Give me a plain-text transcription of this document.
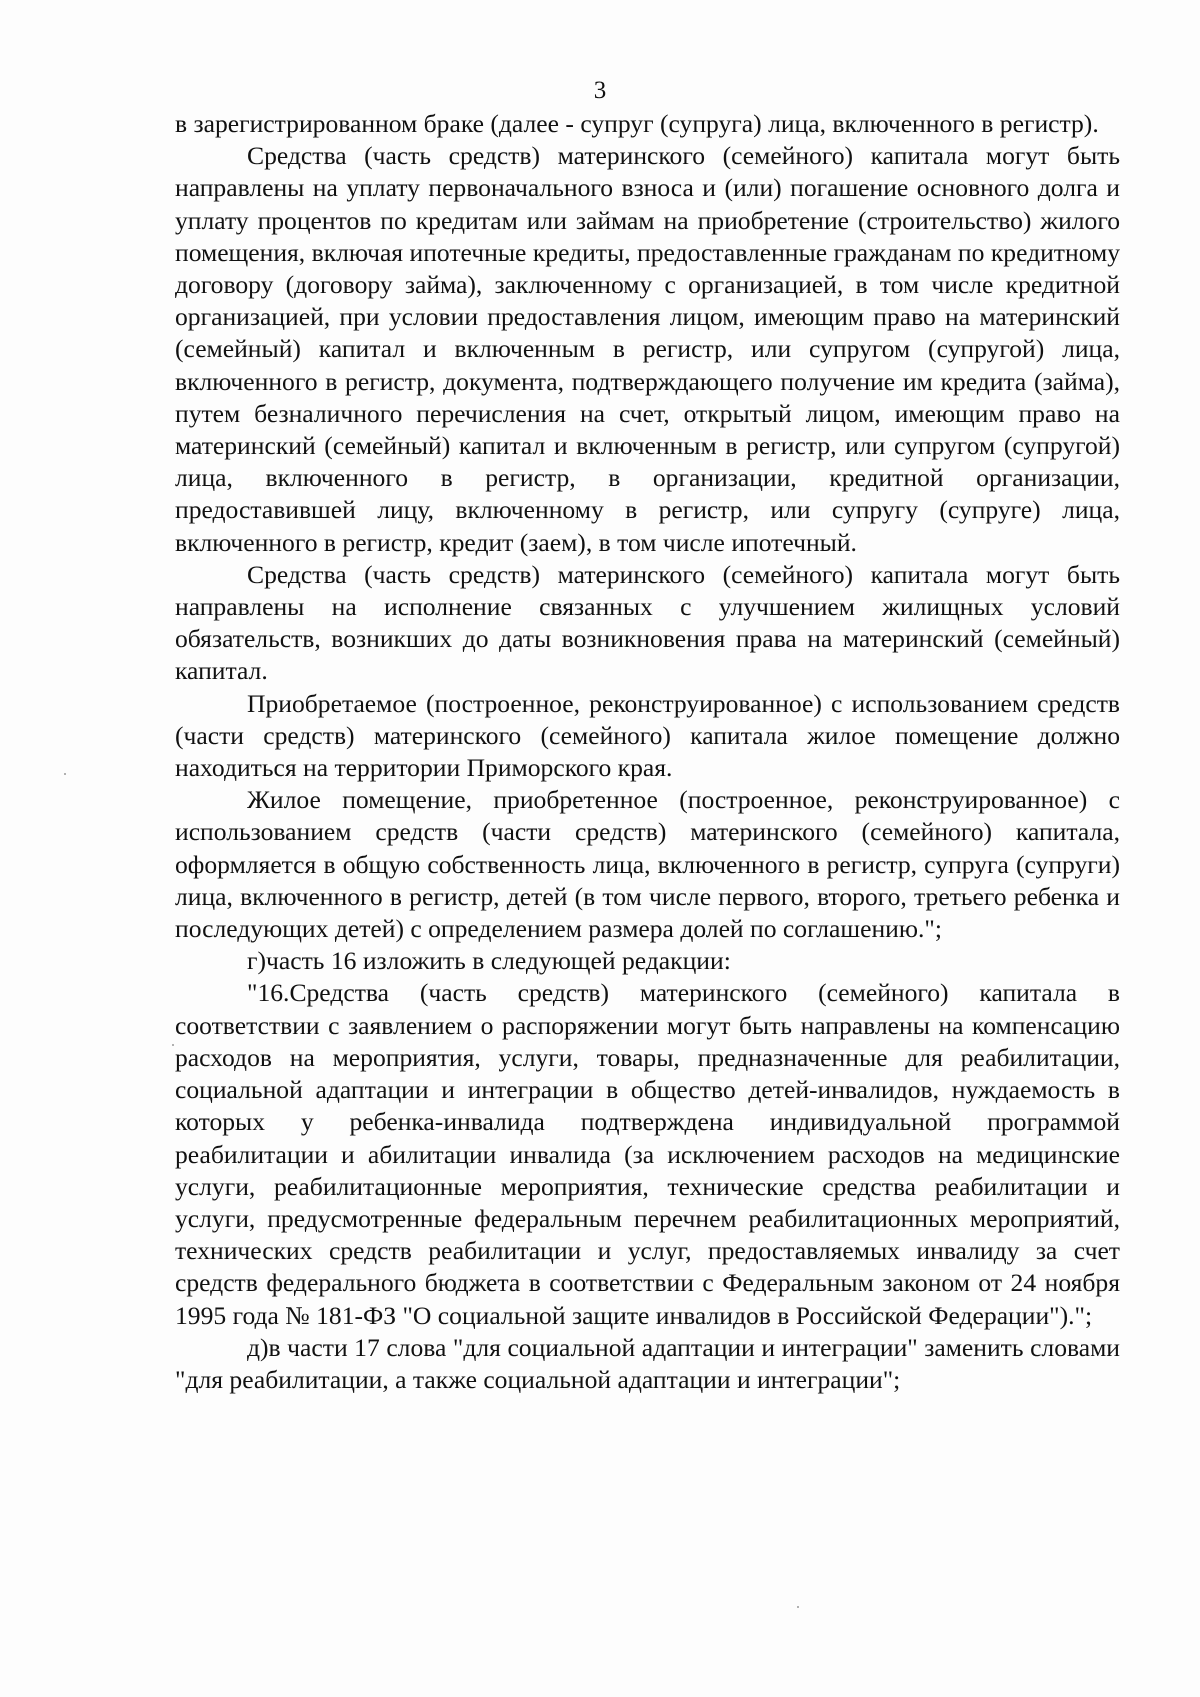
3

в зарегистрированном браке (далее - супруг (супруга) лица, включенного в регистр).

Средства (часть средств) материнского (семейного) капитала могут быть направлены на уплату первоначального взноса и (или) погашение основного долга и уплату процентов по кредитам или займам на приобретение (строительство) жилого помещения, включая ипотечные кредиты, предоставленные гражданам по кредитному договору (договору займа), заключенному с организацией, в том числе кредитной организацией, при условии предоставления лицом, имеющим право на материнский (семейный) капитал и включенным в регистр, или супругом (супругой) лица, включенного в регистр, документа, подтверждающего получение им кредита (займа), путем безналичного перечисления на счет, открытый лицом, имеющим право на материнский (семейный) капитал и включенным в регистр, или супругом (супругой) лица, включенного в регистр, в организации, кредитной организации, предоставившей лицу, включенному в регистр, или супругу (супруге) лица, включенного в регистр, кредит (заем), в том числе ипотечный.

Средства (часть средств) материнского (семейного) капитала могут быть направлены на исполнение связанных с улучшением жилищных условий обязательств, возникших до даты возникновения права на материнский (семейный) капитал.

Приобретаемое (построенное, реконструированное) с использованием средств (части средств) материнского (семейного) капитала жилое помещение должно находиться на территории Приморского края.

Жилое помещение, приобретенное (построенное, реконструированное) с использованием средств (части средств) материнского (семейного) капитала, оформляется в общую собственность лица, включенного в регистр, супруга (супруги) лица, включенного в регистр, детей (в том числе первого, второго, третьего ребенка и последующих детей) с определением размера долей по соглашению.";

г)часть 16 изложить в следующей редакции:

"16.Средства (часть средств) материнского (семейного) капитала в соответствии с заявлением о распоряжении могут быть направлены на компенсацию расходов на мероприятия, услуги, товары, предназначенные для реабилитации, социальной адаптации и интеграции в общество детей-инвалидов, нуждаемость в которых у ребенка-инвалида подтверждена индивидуальной программой реабилитации и абилитации инвалида (за исключением расходов на медицинские услуги, реабилитационные мероприятия, технические средства реабилитации и услуги, предусмотренные федеральным перечнем реабилитационных мероприятий, технических средств реабилитации и услуг, предоставляемых инвалиду за счет средств федерального бюджета в соответствии с Федеральным законом от 24 ноября 1995 года № 181-ФЗ "О социальной защите инвалидов в Российской Федерации").";

д)в части 17 слова "для социальной адаптации и интеграции" заменить словами "для реабилитации, а также социальной адаптации и интеграции";
